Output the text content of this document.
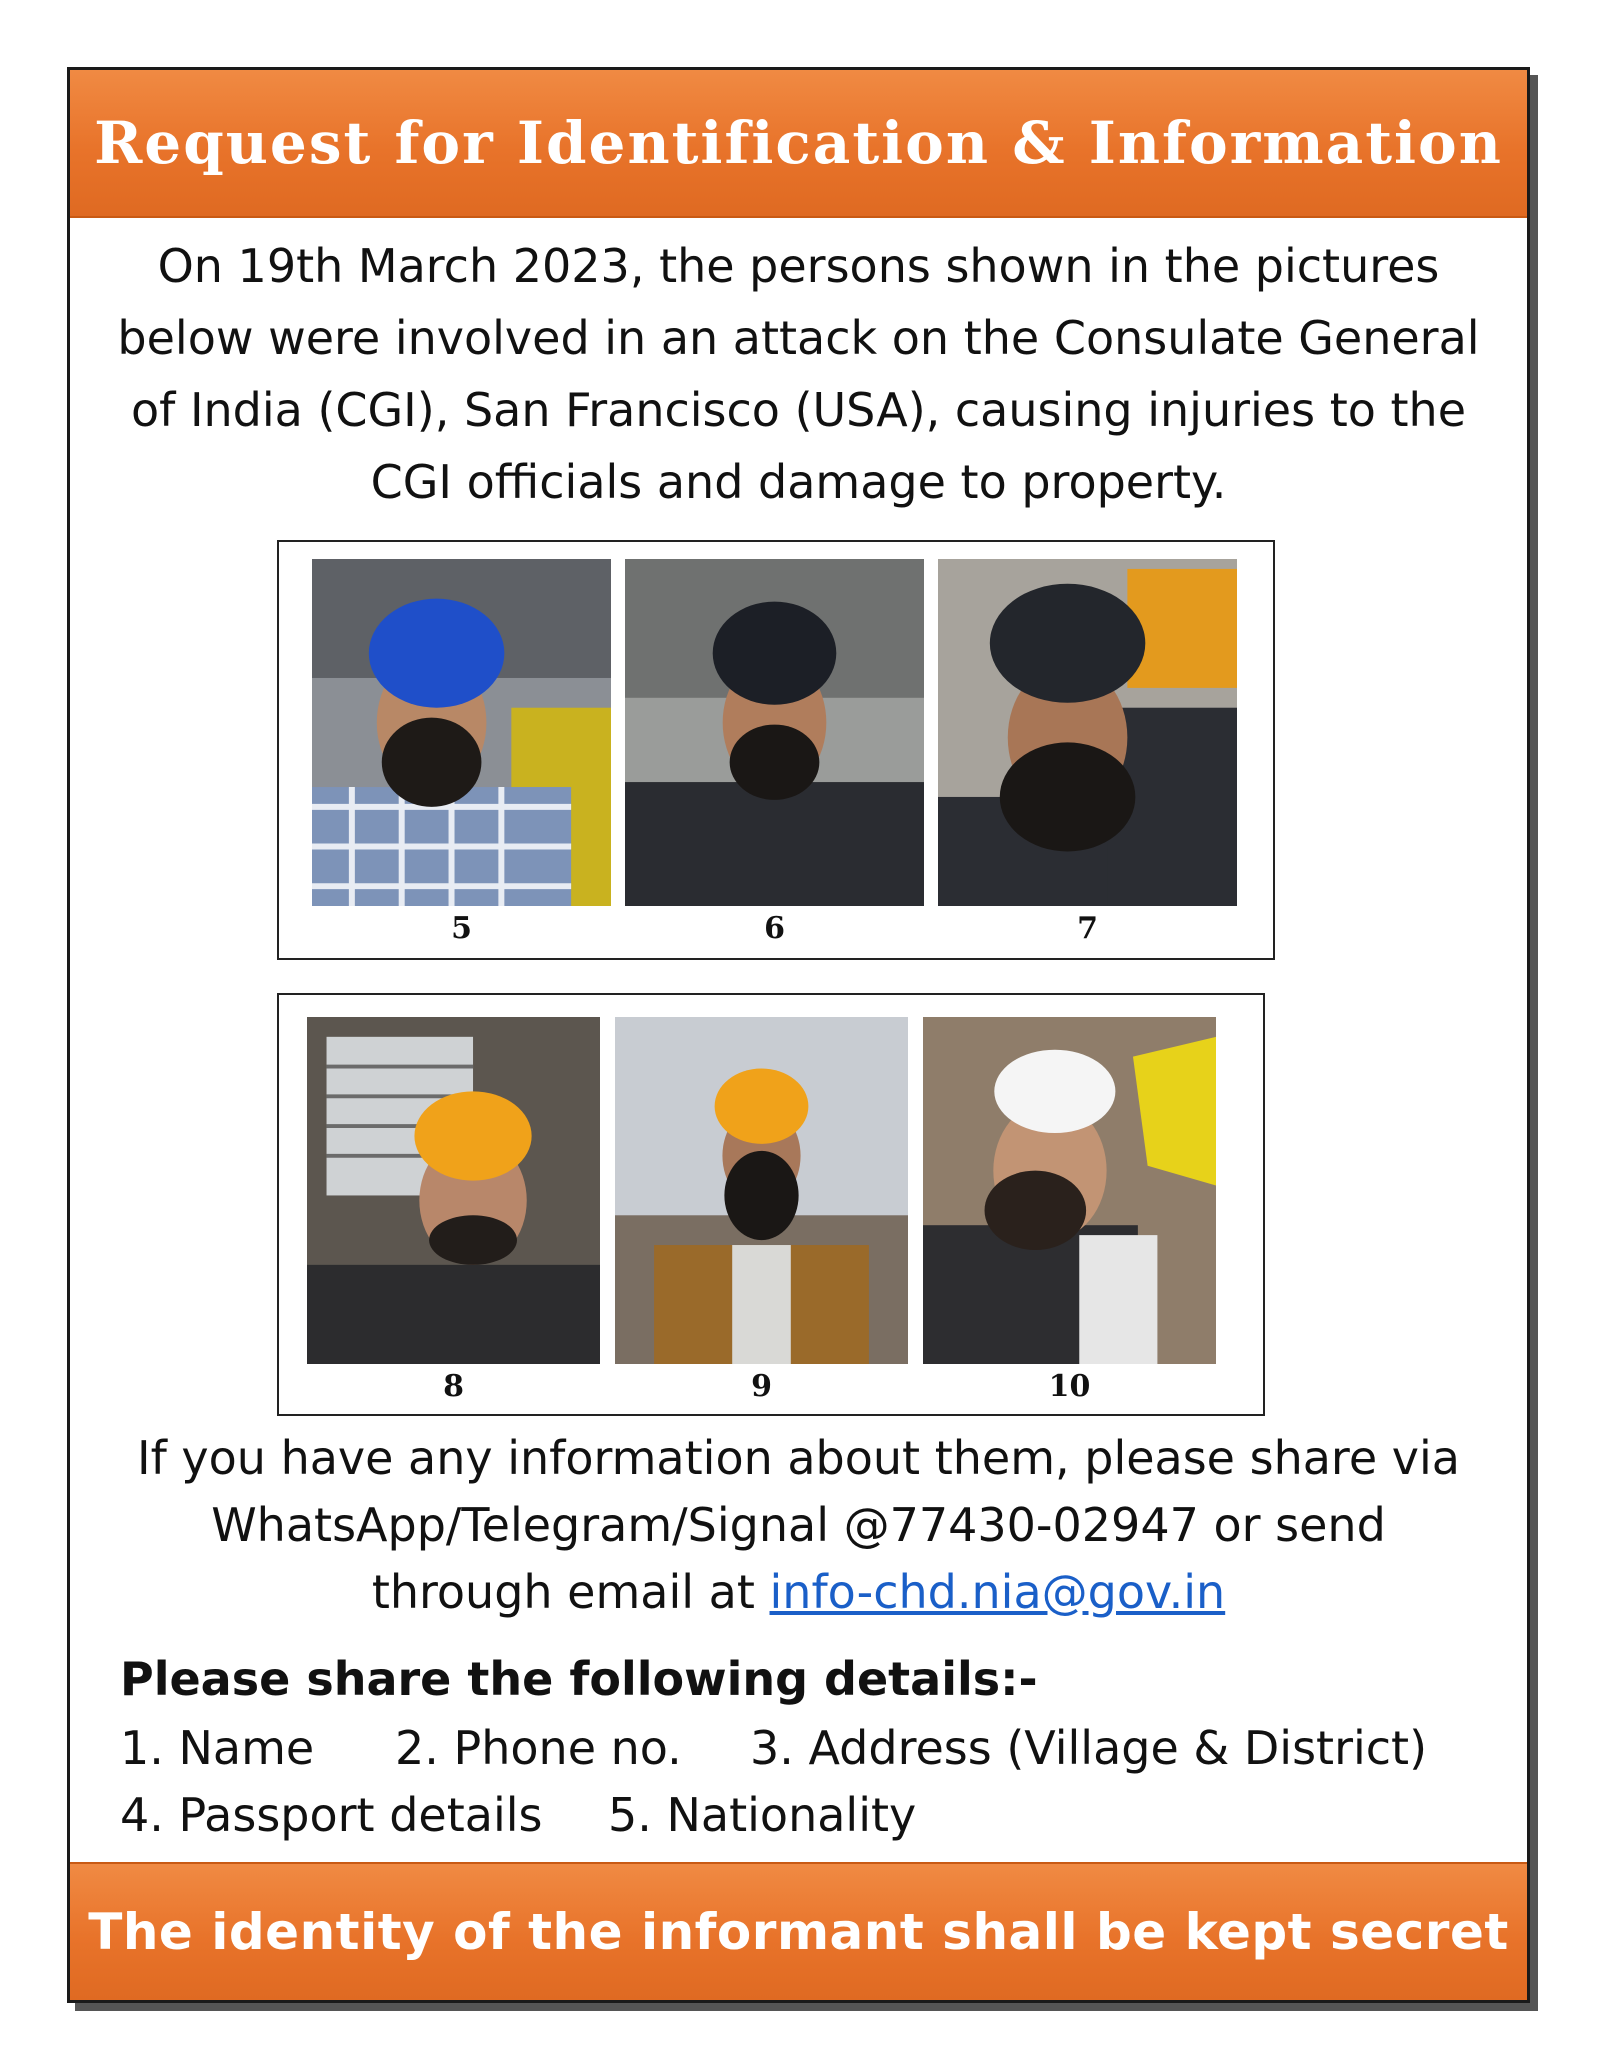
Request for Identification & Information
On 19th March 2023, the persons shown in the pictures
below were involved in an attack on the Consulate General
of India (CGI), San Francisco (USA), causing injuries to the
CGI officials and damage to property.
5	6	7
8	9	10
If you have any information about them, please share via
WhatsApp/Telegram/Signal @77430-02947 or send
through email at info-chd.nia@gov.in
Please share the following details:-
1. Name 2. Phone no. 3. Address (Village & District)
4. Passport details 5. Nationality

The identity of the informant shall be kept secret
